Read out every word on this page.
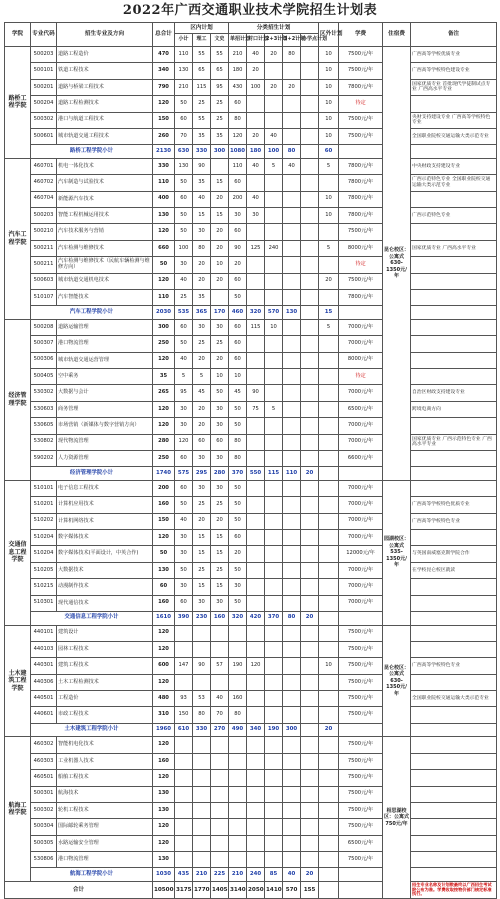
2022年广西交通职业技术学院招生计划表
学院	专业代码	招生专业及方向	总合计	区内计划			分类招生计划					区外计划	学费	住宿费	备注
				小计	理工	文史	单招计划	对口计划	2+3计划	3+2计划	办学点计划				
路桥工程学院	500203	道路工程造价	470	110	55	55	210	40	20	80		10	7500元/年	昆仑校区：公寓式630-1350元/年	广西高等学校优质专业
	500101	铁道工程技术	340	130	65	65	180	20				10	7500元/年		广西高等学校特色建设专业
	500201	道路与桥梁工程技术	790	210	115	95	430	100	20	20		10	7800元/年		国家优质专业 首批现代学徒制试点专业 广西高水平专业
	500204	道路工程检测技术	120	50	25	25	60					10	待定		
	500302	港口与航道工程技术	150	60	55	25	80					10	7500元/年		央财支持建设专业 广西高等学校特色专业
	500601	城市轨道交通工程技术	260	70	35	35	120	20	40			10	7500元/年		全国职业院校交通运输大类示范专业
	路桥工程学院小计		2130	630	330	300	1080	180	100	80		60			
汽车工程学院	460701	机电一体化技术	330	130	90		110	40	5	40		5	7800元/年		中央财政支持建设专业
	460702	汽车制造与试验技术	110	50	35	15	60						7800元/年		广西示范特色专业 全国职业院校交通运输大类示范专业
	460704	新能源汽车技术	400	60	40	20	200	40				10	7800元/年		
	500203	智能工程机械运用技术	130	50	15	15	30	30				10	7800元/年		广西示范特色专业
	500210	汽车技术服务与营销	120	50	30	20	60						7500元/年		
	500211	汽车检测与维修技术	660	100	80	20	90	125	240			5	8000元/年		国家优质专业 广西高水平专业
	500211	汽车检测与维修技术（民航车辆检测与维修方向）	50	30	20	10	20						待定		
	500603	城市轨道交通机电技术	120	40	20	20	60					20	7500元/年		
	510107	汽车智能技术	110	25	35		50						7800元/年		
	汽车工程学院小计		2030	535	365	170	460	320	570	130		15			
经济管理学院	500208	道路运输管理	300	60	30	30	60	115	10			5	7000元/年		
	500307	港口物流管理	250	50	25	25	60						7000元/年		
	500306	城市轨道交通运营管理	120	40	20	20	60						8000元/年		
	500405	空中乘务	35	5	5	10	10						待定		
	530302	大数据与会计	265	95	45	50	45	90					7000元/年		自治区财政支持建设专业
	530603	商务管理	120	30	20	30	50	75	5				6500元/年		跨境电商方向
	530605	市场营销（新媒体与数字营销方向）	120	30	20	30	50						7000元/年		
	530802	现代物流管理	280	120	60	60	80						7000元/年		国家优质专业 广西示范特色专业 广西高水平专业
	590202	人力资源管理	250	60	30	30	80						6600元/年		
	经济管理学院小计		1740	575	295	280	370	550	115	110	20				
交通信息工程学院	510101	电子信息工程技术	200	60	30	30	50						7000元/年	园湖校区：公寓式535-1350元/年	
	510201	计算机应用技术	160	50	25	25	50						7000元/年		广西高等学校特色优质专业
	510202	计算机网络技术	150	40	20	20	50						7000元/年		广西高等学校特色专业
	510204	数字媒体技术	120	30	15	15	60						7000元/年		
	510204	数字媒体技术(平面设计，中英合作)	50	30	15	15	20						12000元/年		与英国南威塞克斯学院合作
	510205	大数据技术	130	50	25	25	50						7000元/年		在学校昆仑校区就读
	510215	动漫制作技术	60	30	15	15	30						7000元/年		
	510301	现代通信技术	160	60	30	30	50						7000元/年		
	交通信息工程学院小计		1610	390	230	160	320	420	370	80	20				
土木建筑工程学院	440101	建筑设计	120										7500元/年	昆仑校区：公寓式630-1350元/年	
	440103	园林工程技术	120										7500元/年		
	440301	建筑工程技术	600	147	90	57	190	120				10	7500元/年		广西高等学校特色专业
	440306	土木工程检测技术	120										7500元/年		
	440501	工程造价	480	93	53	40	160						7500元/年		全国职业院校交通运输大类示范专业
	440601	市政工程技术	310	150	80	70	80						7500元/年		
	土木建筑工程学院小计		1960	610	330	270	490	340	190	300		20			
航海工程学院	460302	智能机电化技术	120										7500元/年	相思湖校区：公寓式750元/年	
	460303	工业机器人技术	160										7500元/年		
	460501	船舶工程技术	120										7500元/年		
	500301	航海技术	130										7500元/年		
	500302	轮机工程技术	130										7500元/年		
	500304	国际邮轮乘务管理	120										7500元/年		
	500305	水路运输安全管理	120										6500元/年		
	530806	港口物流管理	130										7500元/年		
	航海工程学院小计		1030	435	210	225	210	240	85	40	20				
合计			10500	3175	1770	1405	3140	2050	1410	570	155				招生专业名称及计划数最终以广西招生考试院公布为准。学费收取按物价部门核定标准执行。
